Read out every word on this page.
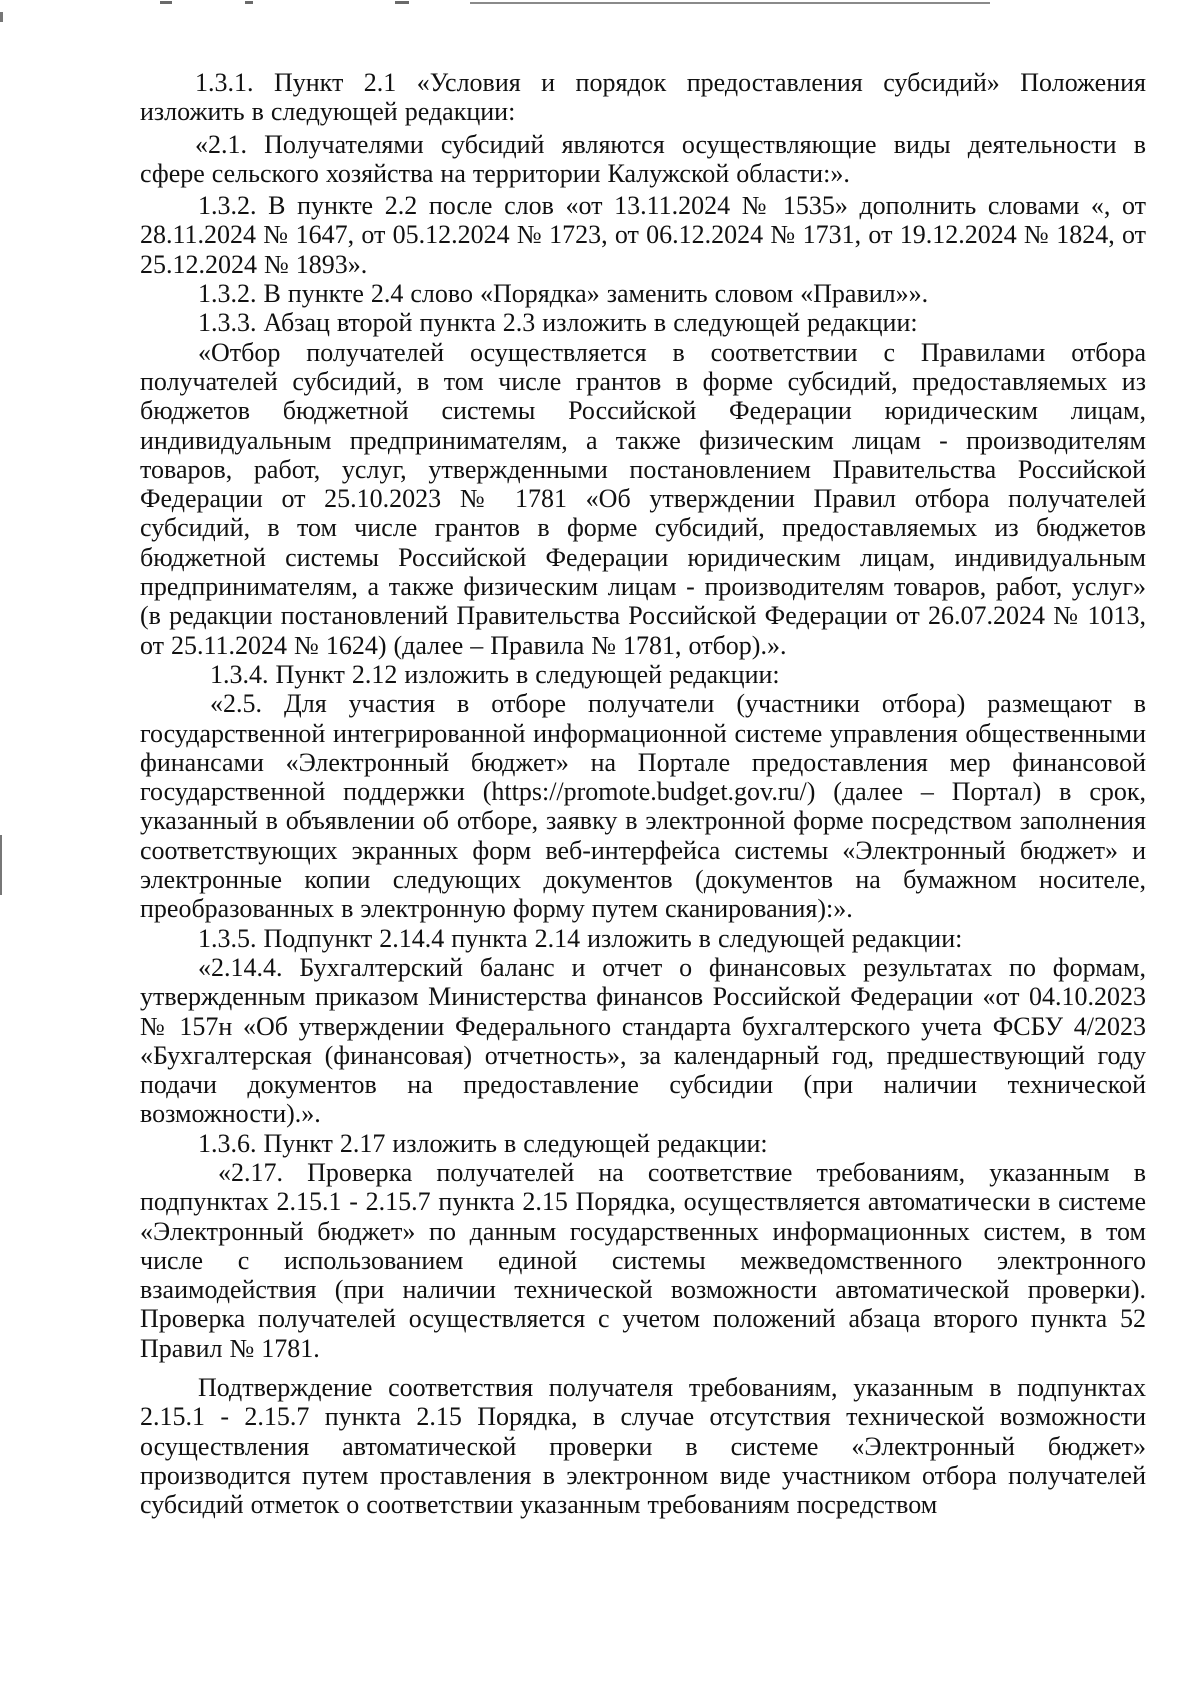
1.3.1. Пункт 2.1 «Условия и порядок предоставления субсидий» Положения изложить в следующей редакции:

«2.1. Получателями субсидий являются осуществляющие виды деятельности в сфере сельского хозяйства на территории Калужской области:».

1.3.2. В пункте 2.2 после слов «от 13.11.2024 № 1535» дополнить словами «, от 28.11.2024 № 1647, от 05.12.2024 № 1723, от 06.12.2024 № 1731, от 19.12.2024 № 1824, от 25.12.2024 № 1893».

1.3.2. В пункте 2.4 слово «Порядка» заменить словом «Правил»».

1.3.3. Абзац второй пункта 2.3 изложить в следующей редакции:

«Отбор получателей осуществляется в соответствии с Правилами отбора получателей субсидий, в том числе грантов в форме субсидий, предоставляемых из бюджетов бюджетной системы Российской Федерации юридическим лицам, индивидуальным предпринимателям, а также физическим лицам - производителям товаров, работ, услуг, утвержденными постановлением Правительства Российской Федерации от 25.10.2023 № 1781 «Об утверждении Правил отбора получателей субсидий, в том числе грантов в форме субсидий, предоставляемых из бюджетов бюджетной системы Российской Федерации юридическим лицам, индивидуальным предпринимателям, а также физическим лицам - производителям товаров, работ, услуг» (в редакции постановлений Правительства Российской Федерации от 26.07.2024 № 1013, от 25.11.2024 № 1624) (далее – Правила № 1781, отбор).».

1.3.4. Пункт 2.12 изложить в следующей редакции:

«2.5. Для участия в отборе получатели (участники отбора) размещают в государственной интегрированной информационной системе управления общественными финансами «Электронный бюджет» на Портале предоставления мер финансовой государственной поддержки (https://promote.budget.gov.ru/) (далее – Портал) в срок, указанный в объявлении об отборе, заявку в электронной форме посредством заполнения соответствующих экранных форм веб-интерфейса системы «Электронный бюджет» и электронные копии следующих документов (документов на бумажном носителе, преобразованных в электронную форму путем сканирования):».

1.3.5. Подпункт 2.14.4 пункта 2.14 изложить в следующей редакции:

«2.14.4. Бухгалтерский баланс и отчет о финансовых результатах по формам, утвержденным приказом Министерства финансов Российской Федерации «от 04.10.2023 № 157н «Об утверждении Федерального стандарта бухгалтерского учета ФСБУ 4/2023 «Бухгалтерская (финансовая) отчетность», за календарный год, предшествующий году подачи документов на предоставление субсидии (при наличии технической возможности).».

1.3.6. Пункт 2.17 изложить в следующей редакции:

«2.17. Проверка получателей на соответствие требованиям, указанным в подпунктах 2.15.1 - 2.15.7 пункта 2.15 Порядка, осуществляется автоматически в системе «Электронный бюджет» по данным государственных информационных систем, в том числе с использованием единой системы межведомственного электронного взаимодействия (при наличии технической возможности автоматической проверки). Проверка получателей осуществляется с учетом положений абзаца второго пункта 52 Правил № 1781.

Подтверждение соответствия получателя требованиям, указанным в подпунктах 2.15.1 - 2.15.7 пункта 2.15 Порядка, в случае отсутствия технической возможности осуществления автоматической проверки в системе «Электронный бюджет» производится путем проставления в электронном виде участником отбора получателей субсидий отметок о соответствии указанным требованиям посредством
